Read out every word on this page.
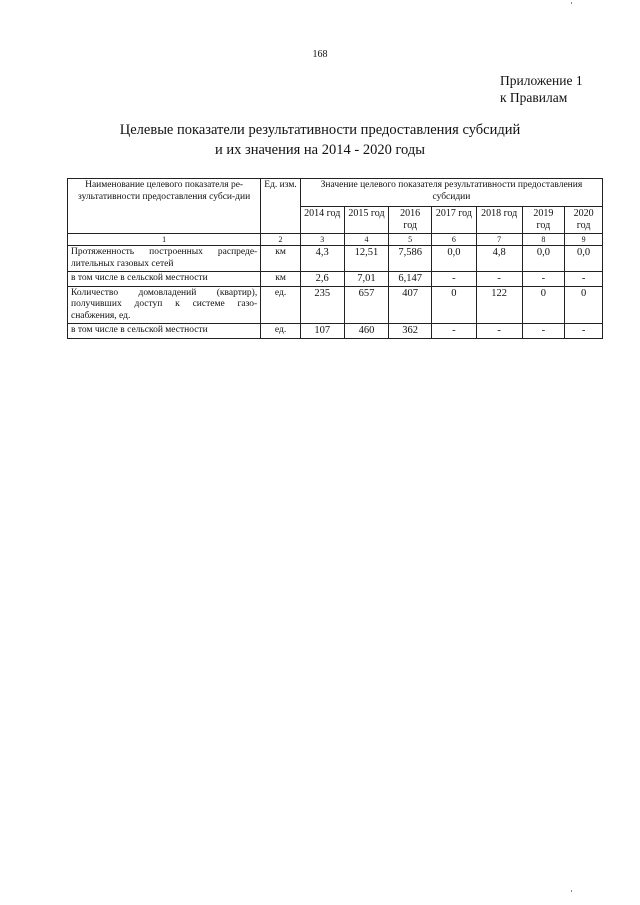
168
Приложение 1
к Правилам
Целевые показатели результативности предоставления субсидий
и их значения на 2014 - 2020 годы
Наименование целевого показателя ре-зультативности предоставления субси-дии	Ед. изм.	Значение целевого показателя результативности предоставления субсидии						
		2014 год	2015 год	2016 год	2017 год	2018 год	2019 год	2020 год
1	2	3	4	5	6	7	8	9
Протяженность построенных распреде-лительных газовых сетей	км	4,3	12,51	7,586	0,0	4,8	0,0	0,0
в том числе в сельской местности	км	2,6	7,01	6,147	-	-	-	-
Количество домовладений (квартир), получивших доступ к системе газо-снабжения, ед.	ед.	235	657	407	0	122	0	0
в том числе в сельской местности	ед.	107	460	362	-	-	-	-
